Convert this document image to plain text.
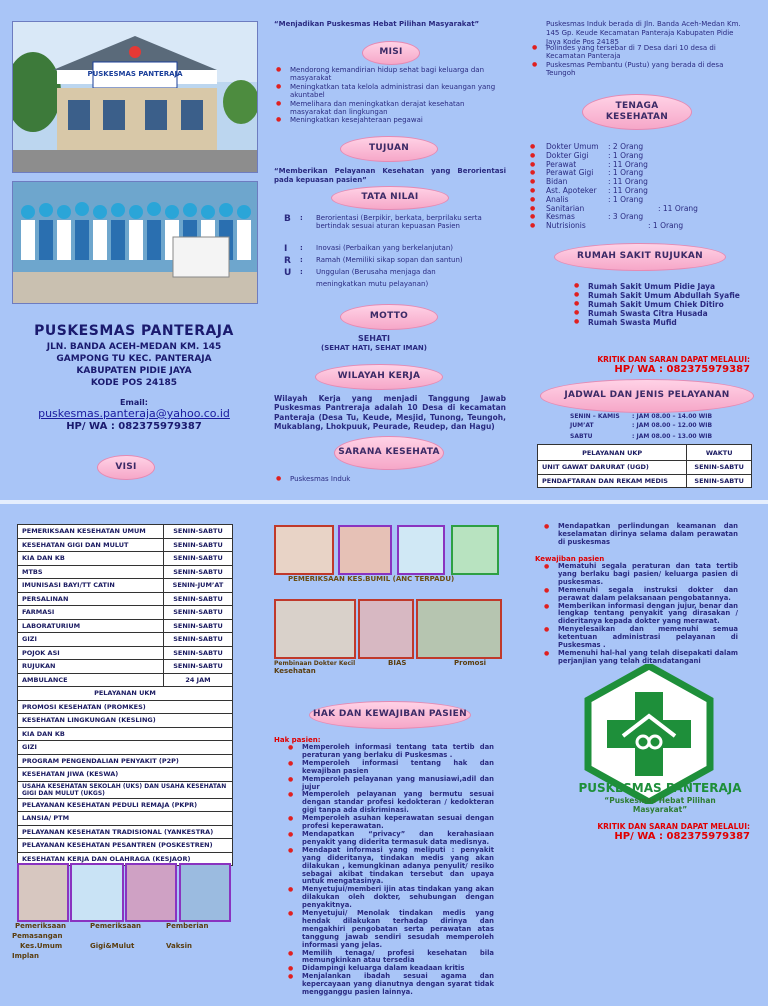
PUSKESMAS PANTERAJA
PUSKESMAS PANTERAJA
JLN. BANDA ACEH-MEDAN KM. 145
GAMPONG TU KEC. PANTERAJA
KABUPATEN PIDIE JAYA
KODE POS 24185
Email:
puskesmas.panteraja@yahoo.co.id
HP/ WA : 082375979387
VISI
“Menjadikan Puskesmas Hebat Pilihan Masyarakat”
MISI
● Mendorong kemandirian hidup sehat bagi keluarga dan masyarakat
● Meningkatkan tata kelola administrasi dan keuangan yang akuntabel
● Memelihara dan meningkatkan derajat kesehatan masyarakat dan lingkungan
● Meningkatkan kesejahteraan pegawai
TUJUAN
“Memberikan Pelayanan Kesehatan yang Berorientasi pada kepuasan pasien”
TATA NILAI
B	:	Berorientasi (Berpikir, berkata, berprilaku serta bertindak sesuai aturan kepuasan Pasien
I	:	Inovasi (Perbaikan yang berkelanjutan)
R	:	Ramah (Memiliki sikap sopan dan santun)
U	:	Unggulan (Berusaha menjaga dan
meningkatkan mutu pelayanan)
MOTTO
SEHATI
(SEHAT HATI, SEHAT IMAN)
WILAYAH KERJA
Wilayah Kerja yang menjadi Tanggung Jawab Puskesmas Pantreraja adalah 10 Desa di kecamatan Panteraja (Desa Tu, Keude, Mesjid, Tunong, Teungoh, Mukablang, Lhokpuuk, Peurade, Reudep, dan Hagu)
SARANA KESEHATA
● Puskesmas Induk
Puskesmas Induk berada di Jln. Banda Aceh-Medan Km. 145 Gp. Keude Kecamatan Panteraja Kabupaten Pidie Jaya Kode Pos 24185
● Polindes yang tersebar di 7 Desa dari 10 desa di Kecamatan Panteraja
● Puskesmas Pembantu (Pustu) yang berada di desa Teungoh
TENAGA KESEHATAN
●	Dokter Umum	: 2 Orang
●	Dokter Gigi	: 1 Orang
●	Perawat	: 11 Orang
●	Perawat Gigi	: 1 Orang
●	Bidan	: 11 Orang
●	Ast. Apoteker	: 11 Orang
●	Analis	: 1 Orang
●	Sanitarian	: 11 Orang
●	Kesmas	: 3 Orang
●	Nutrisionis	: 1 Orang
RUMAH SAKIT RUJUKAN
● Rumah Sakit Umum Pidie Jaya
● Rumah Sakit Umum Abdullah Syafie
● Rumah Sakit Umum Chiek Ditiro
● Rumah Swasta Citra Husada
● Rumah Swasta Mufid
KRITIK DAN SARAN DAPAT MELALUI:
HP/ WA : 082375979387
JADWAL DAN JENIS PELAYANAN
SENIN – KAMIS	: JAM 08.00 – 14.00 WIB
JUM’AT	: JAM 08.00 – 12.00 WIB
SABTU	: JAM 08.00 – 13.00 WIB
PELAYANAN UKP	WAKTU
UNIT GAWAT DARURAT (UGD)	SENIN-SABTU
PENDAFTARAN DAN REKAM MEDIS	SENIN-SABTU
PEMERIKSAAN KESEHATAN UMUM	SENIN-SABTU
KESEHATAN GIGI DAN MULUT	SENIN-SABTU
KIA DAN KB	SENIN-SABTU
MTBS	SENIN-SABTU
IMUNISASI BAYI/TT CATIN	SENIN-JUM’AT
PERSALINAN	SENIN-SABTU
FARMASI	SENIN-SABTU
LABORATURIUM	SENIN-SABTU
GIZI	SENIN-SABTU
POJOK ASI	SENIN-SABTU
RUJUKAN	SENIN-SABTU
AMBULANCE	24 JAM
PELAYANAN UKM	
PROMOSI KESEHATAN (PROMKES)	
KESEHATAN LINGKUNGAN (KESLING)	
KIA DAN KB	
GIZI	
PROGRAM PENGENDALIAN PENYAKIT (P2P)	
KESEHATAN JIWA (KESWA)	
USAHA KESEHATAN SEKOLAH (UKS) DAN USAHA KESEHATAN GIGI DAN MULUT (UKGS)	
PELAYANAN KESEHATAN PEDULI REMAJA (PKPR)	
LANSIA/ PTM	
PELAYANAN KESEHATAN TRADISIONAL (YANKESTRA)	
PELAYANAN KESEHATAN PESANTREN (POSKESTREN)	
KESEHATAN KERJA DAN OLAHRAGA (KESJAOR)	
Pemeriksaan
Pemasangan
Kes.Umum
Implan
Pemeriksaan
Gigi&Mulut
Pemberian
Vaksin
PEMERIKSAAN KES.BUMIL (ANC TERPADU)
Pembinaan Dokter Kecil
Kesehatan
BIAS	Promosi
HAK DAN KEWAJIBAN PASIEN
Hak pasien:
● Memperoleh informasi tentang tata tertib dan peraturan yang berlaku di Puskesmas .
● Memperoleh informasi tentang hak dan kewajiban pasien
● Memperoleh pelayanan yang manusiawi,adil dan jujur
● Memperoleh pelayanan yang bermutu sesuai dengan standar profesi kedokteran / kedokteran gigi tanpa ada diskriminasi.
● Memperoleh asuhan keperawatan sesuai dengan profesi keperawatan.
● Mendapatkan “privacy” dan kerahasiaan penyakit yang diderita termasuk data medisnya.
● Mendapat informasi yang meliputi : penyakit yang dideritanya, tindakan medis yang akan dilakukan , kemungkinan adanya penyulit/ resiko sebagai akibat tindakan tersebut dan upaya untuk mengatasinya.
● Menyetujui/memberi ijin atas tindakan yang akan dilakukan oleh dokter, sehubungan dengan penyakitnya.
● Menyetujui/ Menolak tindakan medis yang hendak dilakukan terhadap dirinya dan mengakhiri pengobatan serta perawatan atas tanggung jawab sendiri sesudah memperoleh informasi yang jelas.
● Memilih tenaga/ profesi kesehatan bila memungkinkan atau tersedia
● Didampingi keluarga dalam keadaan kritis
● Menjalankan ibadah sesuai agama dan kepercayaan yang dianutnya dengan syarat tidak mengganggu pasien lainnya.
● Mendapatkan perlindungan keamanan dan keselamatan dirinya selama dalam perawatan di puskesmas
Kewajiban pasien
● Mematuhi segala peraturan dan tata tertib yang berlaku bagi pasien/ keluarga pasien di puskesmas.
● Memenuhi segala instruksi dokter dan perawat dalam pelaksanaan pengobatannya.
● Memberikan informasi dengan jujur, benar dan lengkap tentang penyakit yang dirasakan / dideritanya kepada dokter yang merawat.
● Menyelesaikan dan memenuhi semua ketentuan administrasi pelayanan di Puskesmas .
● Memenuhi hal-hal yang telah disepakati dalam perjanjian yang telah ditandatangani
PUSKESMAS PANTERAJA
“Puskesmas Hebat Pilihan
Masyarakat”
KRITIK DAN SARAN DAPAT MELALUI:
HP/ WA : 082375979387
